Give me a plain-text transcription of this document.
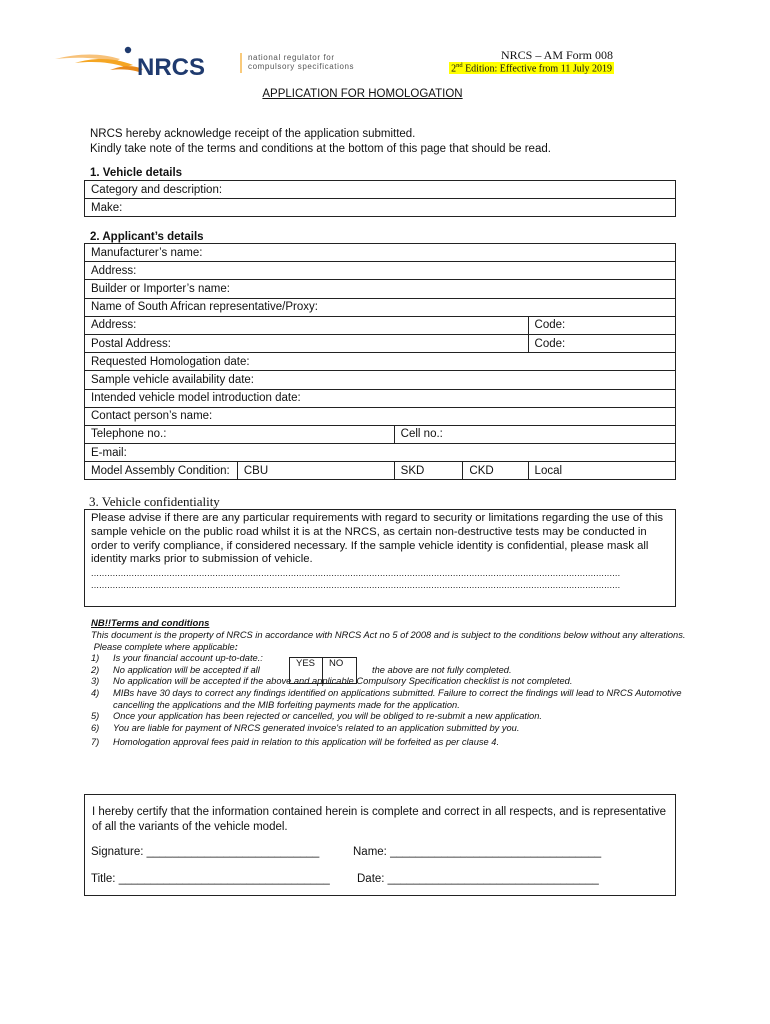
NRCS	national regulator for
compulsory specifications
NRCS – AM Form 008
2nd Edition: Effective from 11 July 2019
APPLICATION FOR HOMOLOGATION
NRCS hereby acknowledge receipt of the application submitted.
Kindly take note of the terms and conditions at the bottom of this page that should be read.
1. Vehicle details
Category and description:
Make:
2. Applicant’s details
Manufacturer’s name:				
Address:				
Builder or Importer’s name:				
Name of South African representative/Proxy:				
Address:				Code:
Postal Address:				Code:
Requested Homologation date:				
Sample vehicle availability date:				
Intended vehicle model introduction date:				
Contact person’s name:				
Telephone no.:		Cell no.:		
E-mail:				
Model Assembly Condition:	CBU	SKD	CKD	Local
3. Vehicle confidentiality
Please advise if there are any particular requirements with regard to security or limitations regarding the use of this sample vehicle on the public road whilst it is at the NRCS, as certain non-destructive tests may be conducted in order to verify compliance, if considered necessary. If the sample vehicle identity is confidential, please mask all identity marks prior to submission of vehicle.
....................................................................................................................................................................................................
....................................................................................................................................................................................................
NB!!Terms and conditions
This document is the property of NRCS in accordance with NRCS Act no 5 of 2008 and is subject to the conditions below without any alterations.
Please complete where applicable:
1) Is your financial account up-to-date.:
2) No application will be accepted if all	the above are not fully completed.
3) No application will be accepted if the above and applicable Compulsory Specification checklist is not completed.
4)	MIBs have 30 days to correct any findings identified on applications submitted. Failure to correct the findings will lead to NRCS Automotive cancelling the applications and the MIB forfeiting payments made for the application.
5) Once your application has been rejected or cancelled, you will be obliged to re-submit a new application.
6) You are liable for payment of NRCS generated invoice's related to an application submitted by you.
7) Homologation approval fees paid in relation to this application will be forfeited as per clause 4.
YES	NO
I hereby certify that the information contained herein is complete and correct in all respects, and is representative of all the variants of the vehicle model.
Signature: ___________________________	Name: _________________________________
Title: _________________________________ Date: _________________________________
